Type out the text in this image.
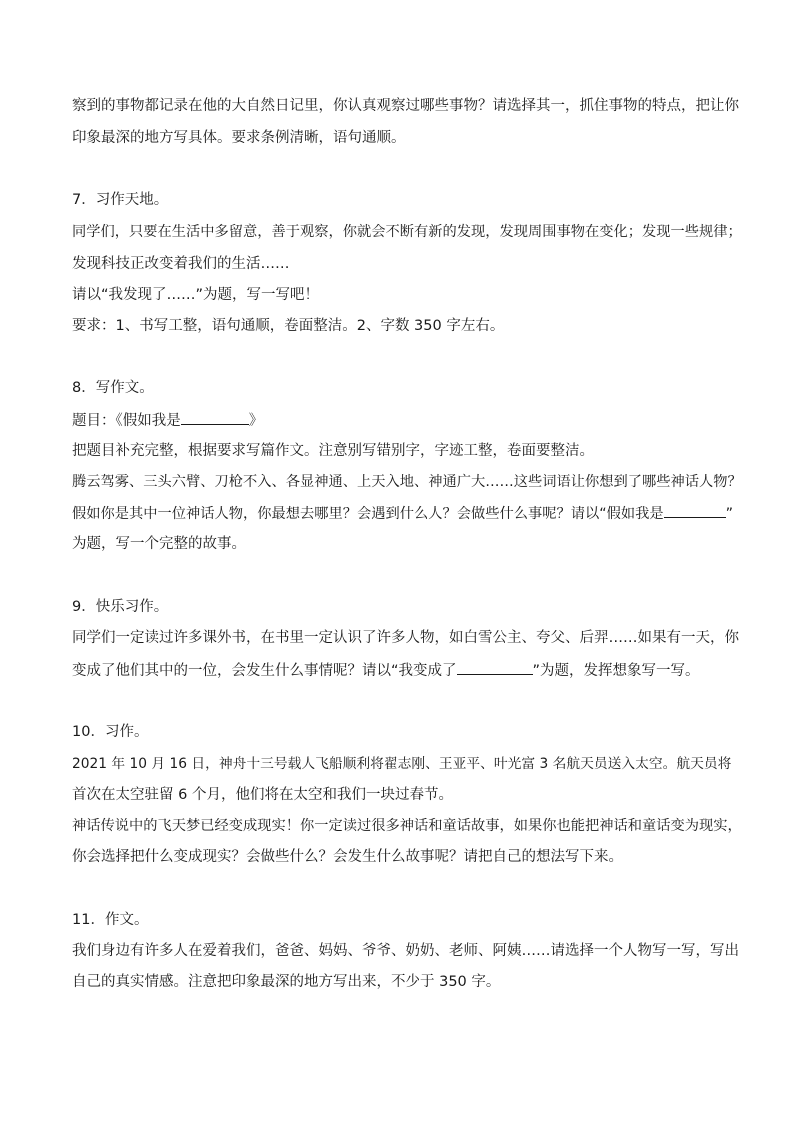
察到的事物都记录在他的大自然日记里，你认真观察过哪些事物？请选择其一，抓住事物的特点，把让你
印象最深的地方写具体。要求条例清晰，语句通顺。
7．习作天地。
同学们，只要在生活中多留意，善于观察，你就会不断有新的发现，发现周围事物在变化；发现一些规律；
发现科技正改变着我们的生活……
请以“我发现了……”为题，写一写吧！
要求：1、书写工整，语句通顺，卷面整洁。2、字数 350 字左右。
8．写作文。
题目：《假如我是	》
把题目补充完整，根据要求写篇作文。注意别写错别字，字迹工整，卷面要整洁。
腾云驾雾、三头六臂、刀枪不入、各显神通、上天入地、神通广大……这些词语让你想到了哪些神话人物？
假如你是其中一位神话人物，你最想去哪里？会遇到什么人？会做些什么事呢？请以“假如我是	”
为题，写一个完整的故事。
9．快乐习作。
同学们一定读过许多课外书，在书里一定认识了许多人物，如白雪公主、夸父、后羿……如果有一天，你
变成了他们其中的一位，会发生什么事情呢？请以“我变成了	”为题，发挥想象写一写。
10．习作。
2021 年 10 月 16 日，神舟十三号载人飞船顺利将翟志刚、王亚平、叶光富 3 名航天员送入太空。航天员将
首次在太空驻留 6 个月，他们将在太空和我们一块过春节。
神话传说中的飞天梦已经变成现实！你一定读过很多神话和童话故事，如果你也能把神话和童话变为现实，
你会选择把什么变成现实？会做些什么？会发生什么故事呢？请把自己的想法写下来。
11．作文。
我们身边有许多人在爱着我们，爸爸、妈妈、爷爷、奶奶、老师、阿姨……请选择一个人物写一写，写出
自己的真实情感。注意把印象最深的地方写出来，不少于 350 字。
